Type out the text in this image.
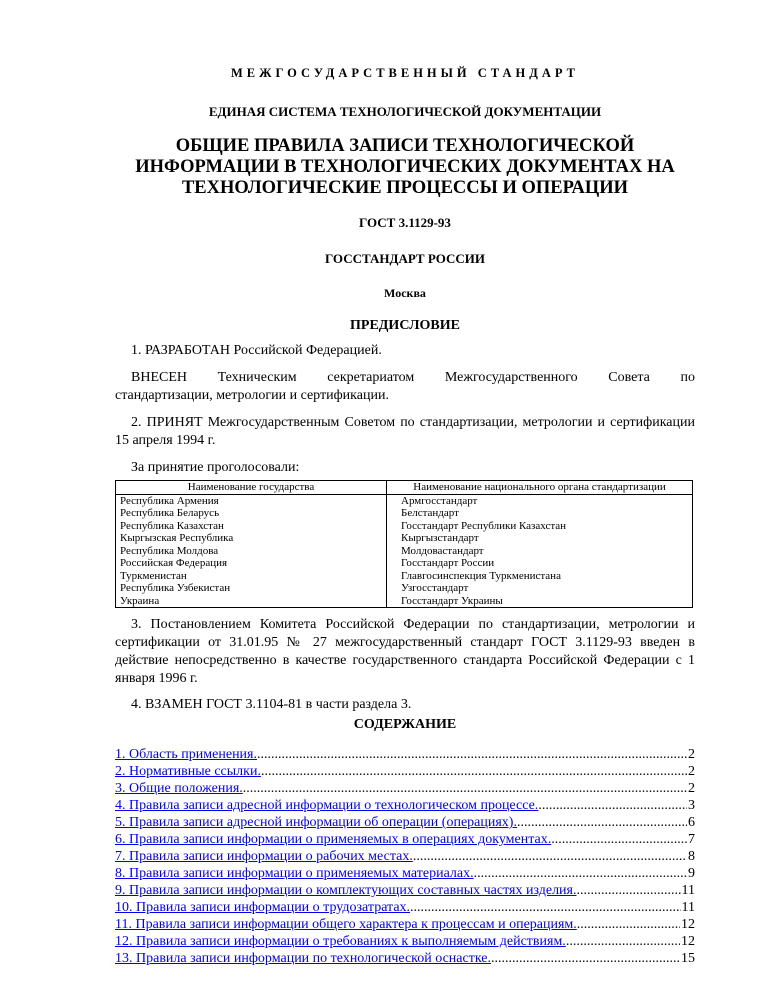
МЕЖГОСУДАРСТВЕННЫЙ СТАНДАРТ
ЕДИНАЯ СИСТЕМА ТЕХНОЛОГИЧЕСКОЙ ДОКУМЕНТАЦИИ
ОБЩИЕ ПРАВИЛА ЗАПИСИ ТЕХНОЛОГИЧЕСКОЙ
ИНФОРМАЦИИ В ТЕХНОЛОГИЧЕСКИХ ДОКУМЕНТАХ НА
ТЕХНОЛОГИЧЕСКИЕ ПРОЦЕССЫ И ОПЕРАЦИИ
ГОСТ 3.1129-93
ГОССТАНДАРТ РОССИИ
Москва
ПРЕДИСЛОВИЕ

1. РАЗРАБОТАН Российской Федерацией.

ВНЕСЕН Техническим секретариатом Межгосударственного Совета по

стандартизации, метрологии и сертификации.

2. ПРИНЯТ Межгосударственным Советом по стандартизации, метрологии и сертификации 15 апреля 1994 г.

За принятие проголосовали:

Наименование государства	Наименование национального органа стандартизации
Республика Армения	Армгосстандарт
Республика Беларусь	Белстандарт
Республика Казахстан	Госстандарт Республики Казахстан
Кыргызская Республика	Кыргызстандарт
Республика Молдова	Молдовастандарт
Российская Федерация	Госстандарт России
Туркменистан	Главгосинспекция Туркменистана
Республика Узбекистан	Узгосстандарт
Украина	Госстандарт Украины

3. Постановлением Комитета Российской Федерации по стандартизации, метрологии и сертификации от 31.01.95 № 27 межгосударственный стандарт ГОСТ 3.1129-93 введен в действие непосредственно в качестве государственного стандарта Российской Федерации с 1 января 1996 г.

4. ВЗАМЕН ГОСТ 3.1104-81 в части раздела 3.

СОДЕРЖАНИЕ
1. Область применения. .....	2
2. Нормативные ссылки. .....	2
3. Общие положения. .....	2
4. Правила записи адресной информации о технологическом процессе. .....	3
5. Правила записи адресной информации об операции (операциях). .....	6
6. Правила записи информации о применяемых в операциях документах. .....	7
7. Правила записи информации о рабочих местах. .....	8
8. Правила записи информации о применяемых материалах. .....	9
9. Правила записи информации о комплектующих составных частях изделия. .....	11
10. Правила записи информации о трудозатратах. .....	11
11. Правила записи информации общего характера к процессам и операциям. .....	12
12. Правила записи информации о требованиях к выполняемым действиям. .....	12
13. Правила записи информации по технологической оснастке. .....	15
